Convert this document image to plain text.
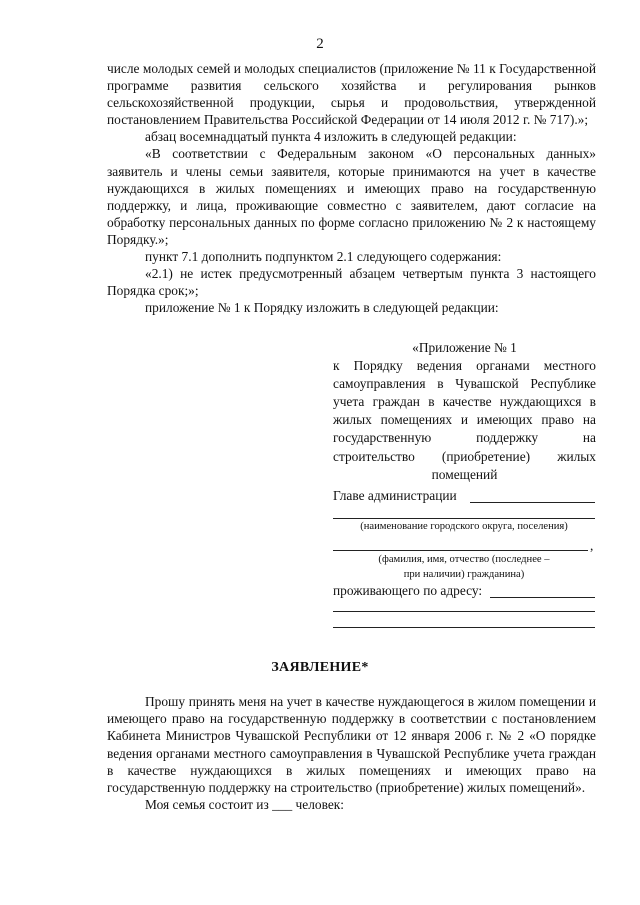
2

числе молодых семей и молодых специалистов (приложение № 11 к Государственной программе развития сельского хозяйства и регулирования рынков сельскохозяйственной продукции, сырья и продовольствия, утвержденной постановлением Правительства Российской Федерации от 14 июля 2012 г. № 717).»;

абзац восемнадцатый пункта 4 изложить в следующей редакции:

«В соответствии с Федеральным законом «О персональных данных» заявитель и члены семьи заявителя, которые принимаются на учет в качестве нуждающихся в жилых помещениях и имеющих право на государственную поддержку, и лица, проживающие совместно с заявителем, дают согласие на обработку персональных данных по форме согласно приложению № 2 к настоящему Порядку.»;

пункт 7.1 дополнить подпунктом 2.1 следующего содержания:

«2.1) не истек предусмотренный абзацем четвертым пункта 3 настоящего Порядка срок;»;

приложение № 1 к Порядку изложить в следующей редакции:

«Приложение № 1

к Порядку ведения органами местного самоуправления в Чувашской Республике учета граждан в качестве нуждающихся в жилых помещениях и имеющих право на государственную поддержку на строительство (приобретение) жилых помещений

Главе администрации
(наименование городского округа, поселения)
,
(фамилия, имя, отчество (последнее –
при наличии) гражданина)
проживающего по адресу:
ЗАЯВЛЕНИЕ*

Прошу принять меня на учет в качестве нуждающегося в жилом помещении и имеющего право на государственную поддержку в соответствии с постановлением Кабинета Министров Чувашской Республики от 12 января 2006 г. № 2 «О порядке ведения органами местного самоуправления в Чувашской Республике учета граждан в качестве нуждающихся в жилых помещениях и имеющих право на государственную поддержку на строительство (приобретение) жилых помещений».

Моя семья состоит из ___ человек:
